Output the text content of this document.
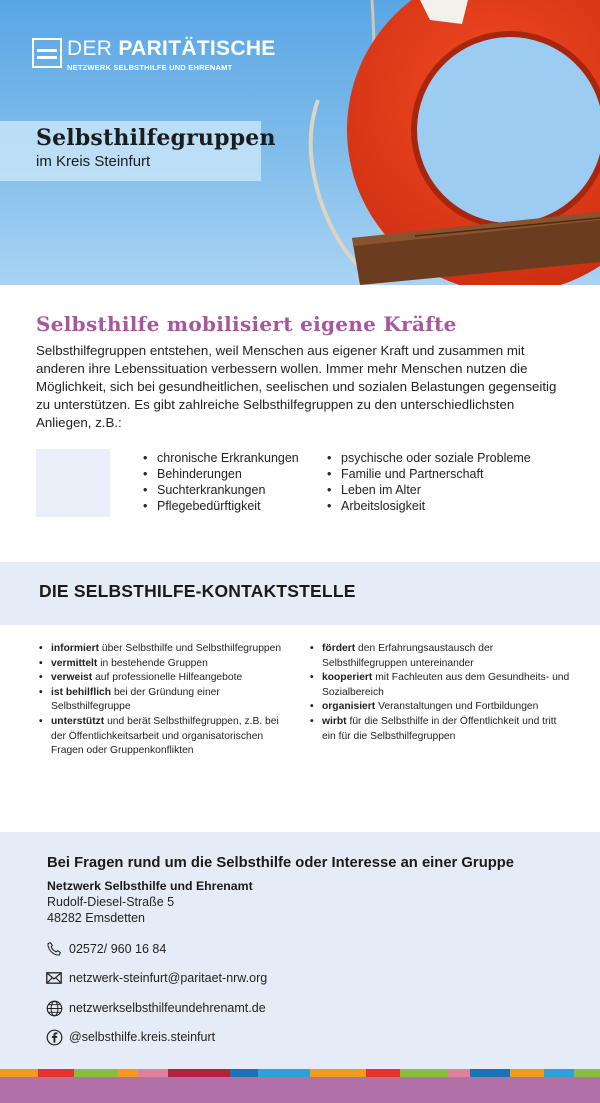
DER PARITÄTISCHE
NETZWERK SELBSTHILFE UND EHRENAMT
Selbsthilfegruppen
im Kreis Steinfurt
Selbsthilfe mobilisiert eigene Kräfte
Selbsthilfegruppen entstehen, weil Menschen aus eigener Kraft und zusammen mit anderen ihre Lebenssituation verbessern wollen. Immer mehr Menschen nutzen die Möglichkeit, sich bei gesundheitlichen, seelischen und sozialen Belastungen gegenseitig zu unterstützen. Es gibt zahlreiche Selbsthilfegruppen zu den unterschiedlichsten Anliegen, z.B.:
• chronische Erkrankungen
• Behinderungen
• Suchterkrankungen
• Pflegebedürftigkeit
• psychische oder soziale Probleme
• Familie und Partnerschaft
• Leben im Alter
• Arbeitslosigkeit
DIE SELBSTHILFE-KONTAKTSTELLE
• informiert über Selbsthilfe und Selbsthilfegruppen
• vermittelt in bestehende Gruppen
• verweist auf professionelle Hilfeangebote
• ist behilflich bei der Gründung einer Selbsthilfegruppe
• unterstützt und berät Selbsthilfegruppen, z.B. bei der Öffentlichkeitsarbeit und organisatorischen Fragen oder Gruppenkonflikten
• fördert den Erfahrungsaustausch der Selbsthilfegruppen untereinander
• kooperiert mit Fachleuten aus dem Gesundheits- und Sozialbereich
• organisiert Veranstaltungen und Fortbildungen
• wirbt für die Selbsthilfe in der Öffentlichkeit und tritt ein für die Selbsthilfegruppen
Bei Fragen rund um die Selbsthilfe oder Interesse an einer Gruppe
Netzwerk Selbsthilfe und Ehrenamt
Rudolf-Diesel-Straße 5
48282 Emsdetten
02572/ 960 16 84
netzwerk-steinfurt@paritaet-nrw.org
netzwerkselbsthilfeundehrenamt.de
@selbsthilfe.kreis.steinfurt
